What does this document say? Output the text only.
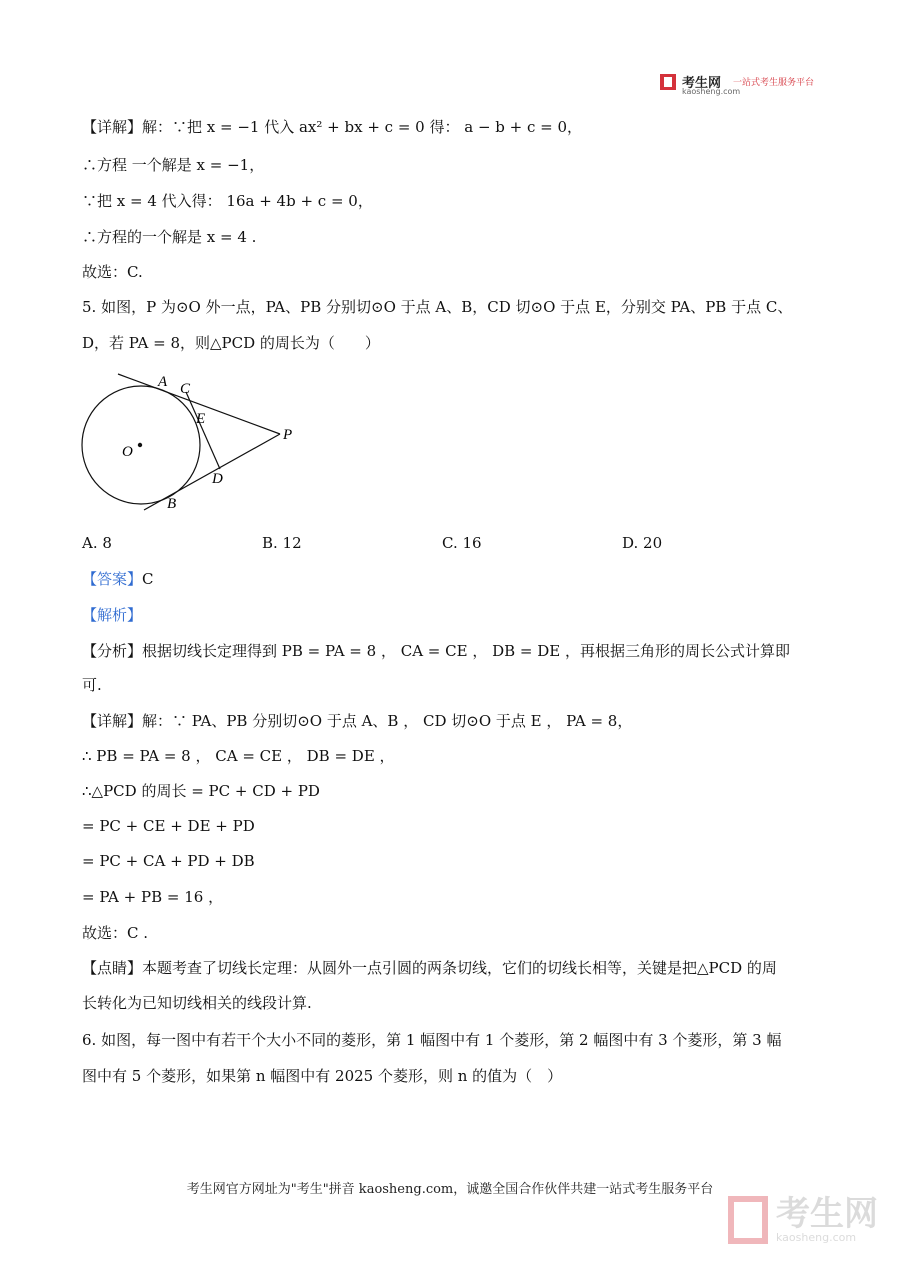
考生网
kaosheng.com
一站式考生服务平台
【详解】解：∵把 x = −1 代入 ax² + bx + c = 0 得： a − b + c = 0，
∴方程 一个解是 x = −1，
∵把 x = 4 代入得： 16a + 4b + c = 0，
∴方程的一个解是 x = 4 .
故选：C.
5. 如图，P 为⊙O 外一点，PA、PB 分别切⊙O 于点 A、B，CD 切⊙O 于点 E，分别交 PA、PB 于点 C、
D，若 PA = 8，则△PCD 的周长为（　　）
A C
E
P
O
D
B
A. 8	B. 12	C. 16	D. 20
【答案】C
【解析】
【分析】根据切线长定理得到 PB = PA = 8 ， CA = CE ， DB = DE ，再根据三角形的周长公式计算即
可.
【详解】解：∵ PA、PB 分别切⊙O 于点 A、B ， CD 切⊙O 于点 E ， PA = 8，
∴ PB = PA = 8 ， CA = CE ， DB = DE ，
∴△PCD 的周长 = PC + CD + PD
= PC + CE + DE + PD
= PC + CA + PD + DB
= PA + PB = 16 ，
故选：C .
【点睛】本题考查了切线长定理：从圆外一点引圆的两条切线，它们的切线长相等，关键是把△PCD 的周
长转化为已知切线相关的线段计算.
6. 如图，每一图中有若干个大小不同的菱形，第 1 幅图中有 1 个菱形，第 2 幅图中有 3 个菱形，第 3 幅
图中有 5 个菱形，如果第 n 幅图中有 2025 个菱形，则 n 的值为（　）
考生网官方网址为"考生"拼音 kaosheng.com，诚邀全国合作伙伴共建一站式考生服务平台
考生网
kaosheng.com
